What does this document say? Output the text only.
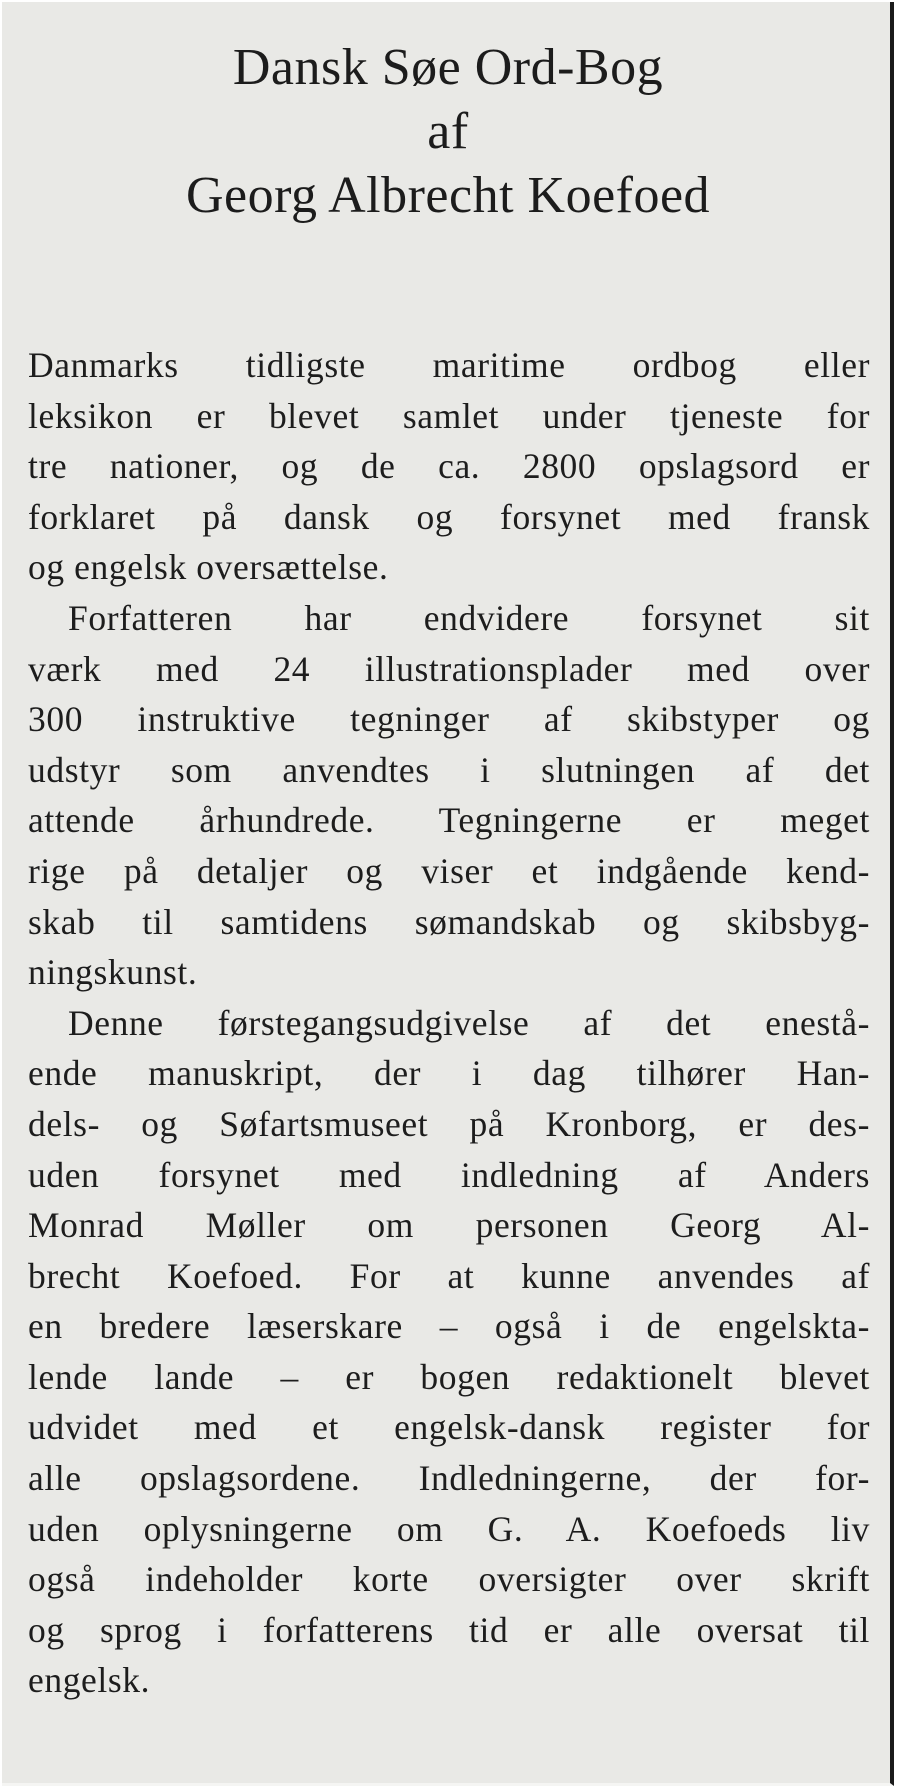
Dansk Søe Ord-Bog
af
Georg Albrecht Koefoed
Danmarks tidligste maritime ordbog eller
leksikon er blevet samlet under tjeneste for
tre nationer, og de ca. 2800 opslagsord er
forklaret på dansk og forsynet med fransk
og engelsk oversættelse.
Forfatteren har endvidere forsynet sit
værk med 24 illustrationsplader med over
300 instruktive tegninger af skibstyper og
udstyr som anvendtes i slutningen af det
attende århundrede. Tegningerne er meget
rige på detaljer og viser et indgående kend-
skab til samtidens sømandskab og skibsbyg-
ningskunst.
Denne førstegangsudgivelse af det enestå-
ende manuskript, der i dag tilhører Han-
dels- og Søfartsmuseet på Kronborg, er des-
uden forsynet med indledning af Anders
Monrad Møller om personen Georg Al-
brecht Koefoed. For at kunne anvendes af
en bredere læserskare – også i de engelskta-
lende lande – er bogen redaktionelt blevet
udvidet med et engelsk-dansk register for
alle opslagsordene. Indledningerne, der for-
uden oplysningerne om G. A. Koefoeds liv
også indeholder korte oversigter over skrift
og sprog i forfatterens tid er alle oversat til
engelsk.
